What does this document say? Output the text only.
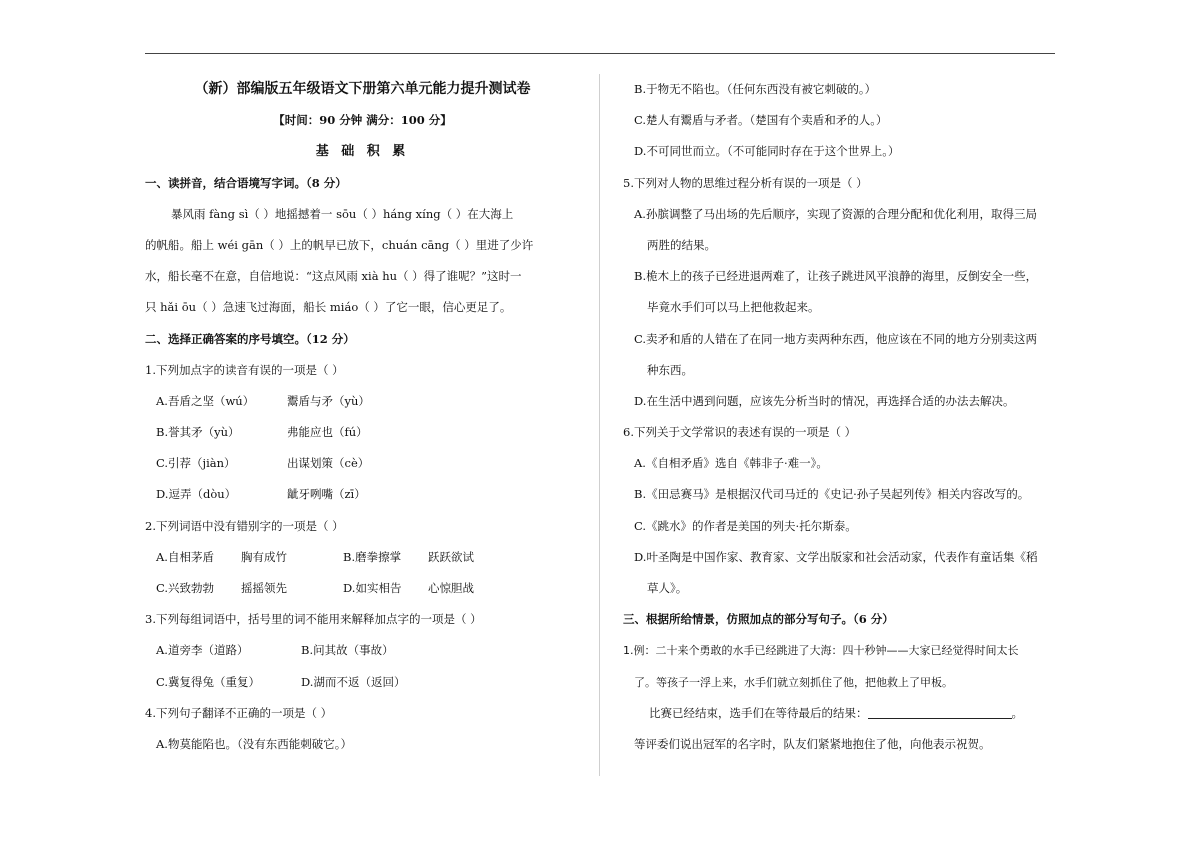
（新）部编版五年级语文下册第六单元能力提升测试卷
【时间：90 分钟 满分：100 分】
基 础 积 累
一、读拼音，结合语境写字词。（8 分）
暴风雨 fàng sì（ ）地摇撼着一 sōu（ ）háng xíng（ ）在大海上
的帆船。船上 wéi gān（ ）上的帆早已放下，chuán cāng（ ）里进了少许
水，船长毫不在意，自信地说：“这点风雨 xià hu（ ）得了谁呢？”这时一
只 hǎi ōu（ ）急速飞过海面，船长 miáo（ ）了它一眼，信心更足了。
二、选择正确答案的序号填空。（12 分）
1.下列加点字的读音有误的一项是（ ）
A.吾盾之坚（wú）	鬻盾与矛（yù）
B.誉其矛（yù）	弗能应也（fú）
C.引荐（jiàn）	出谋划策（cè）
D.逗弄（dòu）	龇牙咧嘴（zī）
2.下列词语中没有错别字的一项是（ ）
A.自相茅盾 胸有成竹	B.磨拳擦掌 跃跃欲试
C.兴致勃勃 摇摇领先	D.如实相告 心惊胆战
3.下列每组词语中，括号里的词不能用来解释加点字的一项是（ ）
A.道旁李（道路）	B.问其故（事故）
C.冀复得兔（重复）	D.湖而不返（返回）
4.下列句子翻译不正确的一项是（ ）
A.物莫能陷也。（没有东西能刺破它。）
B.于物无不陷也。（任何东西没有被它刺破的。）
C.楚人有鬻盾与矛者。（楚国有个卖盾和矛的人。）
D.不可同世而立。（不可能同时存在于这个世界上。）
5.下列对人物的思维过程分析有误的一项是（ ）
A.孙膑调整了马出场的先后顺序，实现了资源的合理分配和优化利用，取得三局
两胜的结果。
B.桅木上的孩子已经进退两难了，让孩子跳进风平浪静的海里，反倒安全一些，
毕竟水手们可以马上把他救起来。
C.卖矛和盾的人错在了在同一地方卖两种东西，他应该在不同的地方分别卖这两
种东西。
D.在生活中遇到问题，应该先分析当时的情况，再选择合适的办法去解决。
6.下列关于文学常识的表述有误的一项是（ ）
A.《自相矛盾》选自《韩非子·难一》。
B.《田忌赛马》是根据汉代司马迁的《史记·孙子吴起列传》相关内容改写的。
C.《跳水》的作者是美国的列夫·托尔斯泰。
D.叶圣陶是中国作家、教育家、文学出版家和社会活动家，代表作有童话集《稻
草人》。
三、根据所给情景，仿照加点的部分写句子。（6 分）
1.例：二十来个勇敢的水手已经跳进了大海：四十秒钟——大家已经觉得时间太长
了。等孩子一浮上来，水手们就立刻抓住了他，把他救上了甲板。
比赛已经结束，选手们在等待最后的结果：	。
等评委们说出冠军的名字时，队友们紧紧地抱住了他，向他表示祝贺。
